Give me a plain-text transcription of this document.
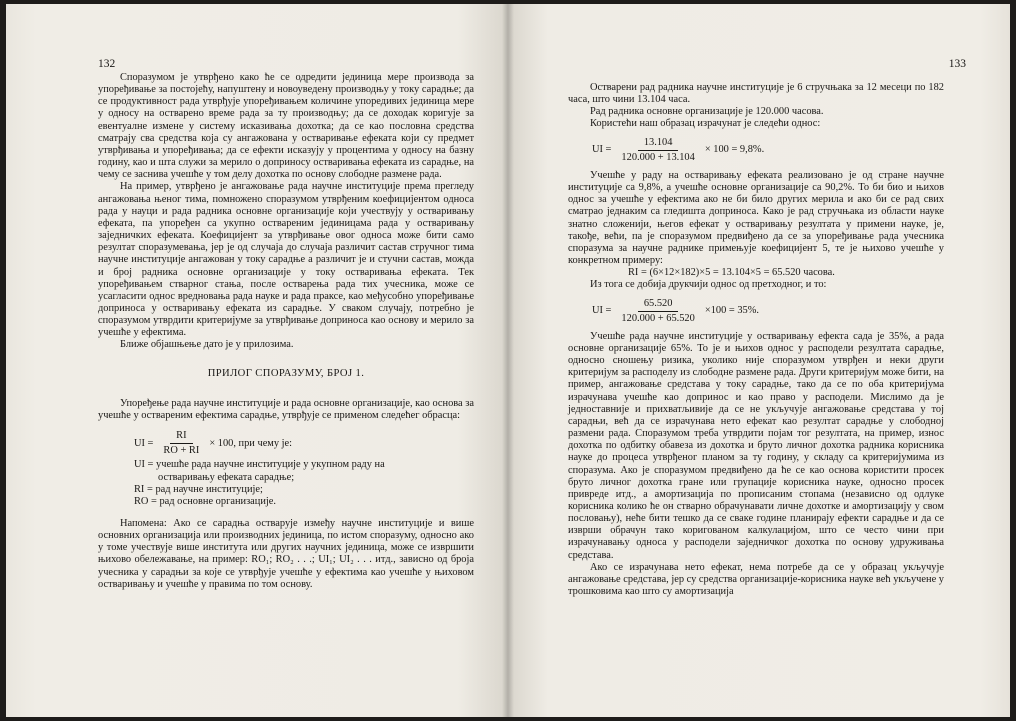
132

Споразумом је утврђено како ће се одредити јединица мере производа за упоређивање за постојећу, напуштену и новоуведену производњу у току сарадње; да се продуктивност рада утврђује упоређивањем количине упоредивих јединица мере у односу на остварено време рада за ту производњу; да се доходак коригује за евентуалне измене у систему исказивања дохотка; да се као пословна средства сматрају сва средства која су ангажована у остваривање ефеката који су предмет утврђивања и упоређивања; да се ефекти исказују у процентима у односу на базну годину, као и шта служи за мерило о доприносу остваривања ефеката из сарадње, на чему се заснива учешће у том делу дохотка по основу слободне размене рада.

На пример, утврђено је ангажовање рада научне институције према прегледу ангажовања њеног тима, помножено споразумом утврђеним коефицијентом односа рада у науци и рада радника основне организације који учествују у остваривању ефеката, па упоређен са укупно оствареним јединицама рада у остваривању заједничких ефеката. Коефицијент за утврђивање овог односа може бити само резултат споразумевања, јер је од случаја до случаја различит састав стручног тима научне институције ангажован у току сарадње а различит је и стучни састав, можда и број радника основне организације у току остваривања ефеката. Тек упоређивањем стварног стања, после остварења рада тих учесника, може се усагласити однос вредновања рада науке и рада праксе, као међусобно упоређивање доприноса у остваривању ефеката из сарадње. У сваком случају, потребно је споразумом утврдити критеријуме за утврђивање доприноса као основу и мерило за учешће у ефектима.

Ближе објашњење дато је у прилозима.

ПРИЛОГ СПОРАЗУМУ, БРОЈ 1.

Упоређење рада научне институције и рада основне организације, као основа за учешће у оствареним ефектима сарадње, утврђује се применом следећег обрасца:

UI = $\frac{RI}{RO + RI} \times 100$, при чему је:
UI = учешће рада научне институције у укупном раду на
остваривању ефеката сарадње;
RI = рад научне институције;
RO = рад основне организације.

Напомена: Ако се сарадња остварује између научне институције и више основних организација или производних јединица, по истом споразуму, односно ако у томе учествује више институтa или других научних јединица, може се извршити њихово обележавање, на пример: RO₁; RO₂ . . .; UI₁; UI₂ . . . итд., зависно од броја учесника у сарадњи за које се утврђује учешће у ефектима као учешће у њиховом остваривању и учешће у правима по том основу.

133

Остварени рад радника научне институције је 6 стручњака за 12 месеци по 182 часа, што чини 13.104 часа.

Рад радника основне организације је 120.000 часова.

Користећи наш образац израчунат је следећи однос:

UI = $\frac{13.104}{120.000 + 13.104} \times 100 = 9,8\%$.

Учешће у раду на остваривању ефеката реализовано је од стране научне институције са 9,8%, а учешће основне организације са 90,2%. То би био и њихов однос за учешће у ефектима ако не би било других мерила и ако би се рад свих сматрао једнаким са гледишта доприноса. Како је рад стручњака из области науке знатно сложенији, његов ефекат у остваривању резултата у примени науке, је, такође, већи, па је споразумом предвиђено да се за упоређивање рада учесника споразума за научне раднике примењује коефицијент 5, те је њихово учешће у конкретном примеру:

RI = (6×12×182)×5 = 13.104×5 = 65.520 часова.

Из тога се добија друкчији однос од претходног, и то:

UI = $\frac{65.520}{120.000 + 65.520} \times 100 = 35\%$.

Учешће рада научне институције у остваривању ефекта сада је 35%, а рада основне организације 65%. То је и њихов однос у расподели резултата сарадње, односно сношењу ризика, уколико није споразумом утврђен и неки други критеријум за расподелу из слободне размене рада. Други критеријум може бити, на пример, ангажовање средстава у току сарадње, тако да се по оба критеријума израчунава учешће као допринос и као право у расподели. Мислимо да је једноставније и прихватљивије да се не укључује ангажовање средстава у тој сарадњи, већ да се израчунава нето ефекат као резултат сарадње у слободној размени рада. Споразумом треба утврдити појам тог резултата, на пример, износ дохотка по одбитку обавеза из дохотка и бруто личног дохотка радника корисника науке до процеса утврђеног планом за ту годину, у складу са критеријумима из споразума. Ако је споразумом предвиђено да ће се као основа користити просек бруто личног дохотка гране или групације корисника науке, односно просек привреде итд., а амортизација по прописаним стопама (независно од одлуке корисника колико ће он стварно обрачунавати личне дохотке и амортизацију у свом пословању), неће бити тешко да се сваке године планирају ефекти сарадње и да се изврши обрачун тако коригованом калкулацијом, што се често чини при израчунавању односа у расподели заједничког дохотка по основу удруживања средстава.

Ако се израчунава нето ефекат, нема потребе да се у образац укључује ангажовање средстава, јер су средства организације-корисника науке већ укључене у трошковима као што су амортизација
